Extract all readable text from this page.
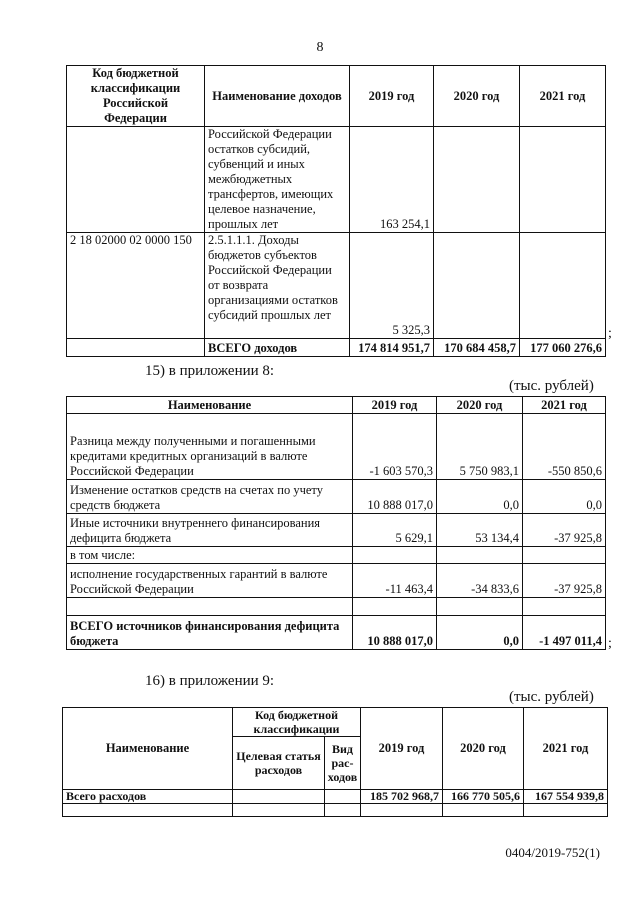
8
Код бюджетной классификации Российской Федерации	Наименование доходов	2019 год	2020 год	2021 год
	Российской Федерации остатков субсидий, субвенций и иных межбюджетных трансфертов, имеющих целевое назначение, прошлых лет	163 254,1		
2 18 02000 02 0000 150	2.5.1.1.1. Доходы бюджетов субъектов Российской Федерации от возврата организациями остатков субсидий прошлых лет	5 325,3		
	ВСЕГО доходов	174 814 951,7	170 684 458,7	177 060 276,6
;
15) в приложении 8:
(тыс. рублей)
Наименование	2019 год	2020 год	2021 год
Разница между полученными и погашенными кредитами кредитных организаций в валюте Российской Федерации	-1 603 570,3	5 750 983,1	-550 850,6
Изменение остатков средств на счетах по учету средств бюджета	10 888 017,0	0,0	0,0
Иные источники внутреннего финансирования дефицита бюджета	5 629,1	53 134,4	-37 925,8
в том числе:			
исполнение государственных гарантий в валюте Российской Федерации	-11 463,4	-34 833,6	-37 925,8

ВСЕГО источников финансирования дефицита бюджета	10 888 017,0	0,0	-1 497 011,4 ;
16) в приложении 9:
(тыс. рублей)
Наименование	Код бюджетной классификации		2019 год	2020 год	2021 год
	Целевая статья расходов	Вид рас-ходов			
Всего расходов			185 702 968,7	166 770 505,6	167 554 939,8

0404/2019-752(1)
